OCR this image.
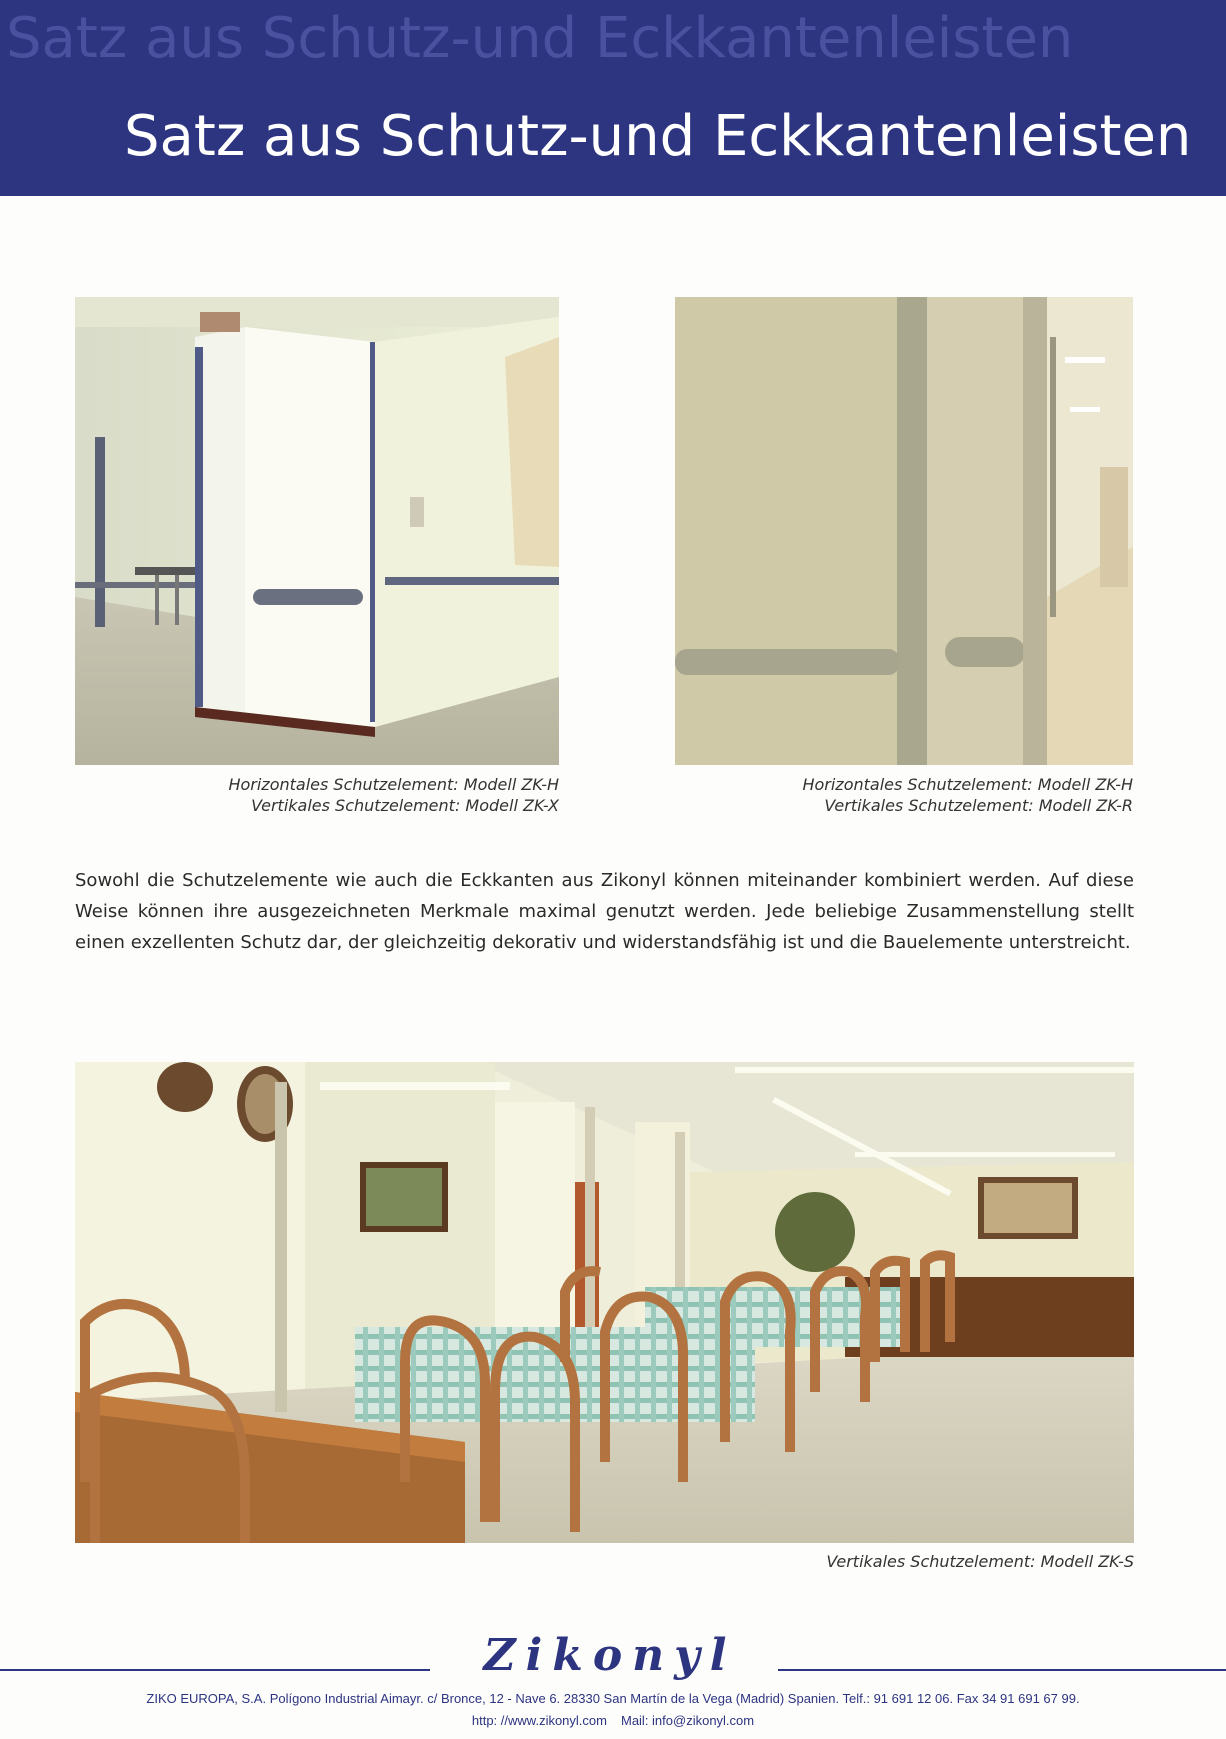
Satz aus Schutz-und Eckkantenleisten
Satz aus Schutz-und Eckkantenleisten
Horizontales Schutzelement: Modell ZK-H
Vertikales Schutzelement: Modell ZK-X
Horizontales Schutzelement: Modell ZK-H
Vertikales Schutzelement: Modell ZK-R
Sowohl die Schutzelemente wie auch die Eckkanten aus Zikonyl können miteinander kombiniert werden. Auf diese Weise können ihre ausgezeichneten Merkmale maximal genutzt werden. Jede beliebige Zusammenstellung stellt einen exzellenten Schutz dar, der gleichzeitig dekorativ und widerstandsfähig ist und die Bauelemente unterstreicht.
Vertikales Schutzelement: Modell ZK-S
Zikonyl
ZIKO EUROPA, S.A. Polígono Industrial Aimayr. c/ Bronce, 12 - Nave 6. 28330 San Martín de la Vega (Madrid) Spanien. Telf.: 91 691 12 06. Fax 34 91 691 67 99.
http: //www.zikonyl.com Mail: info@zikonyl.com
